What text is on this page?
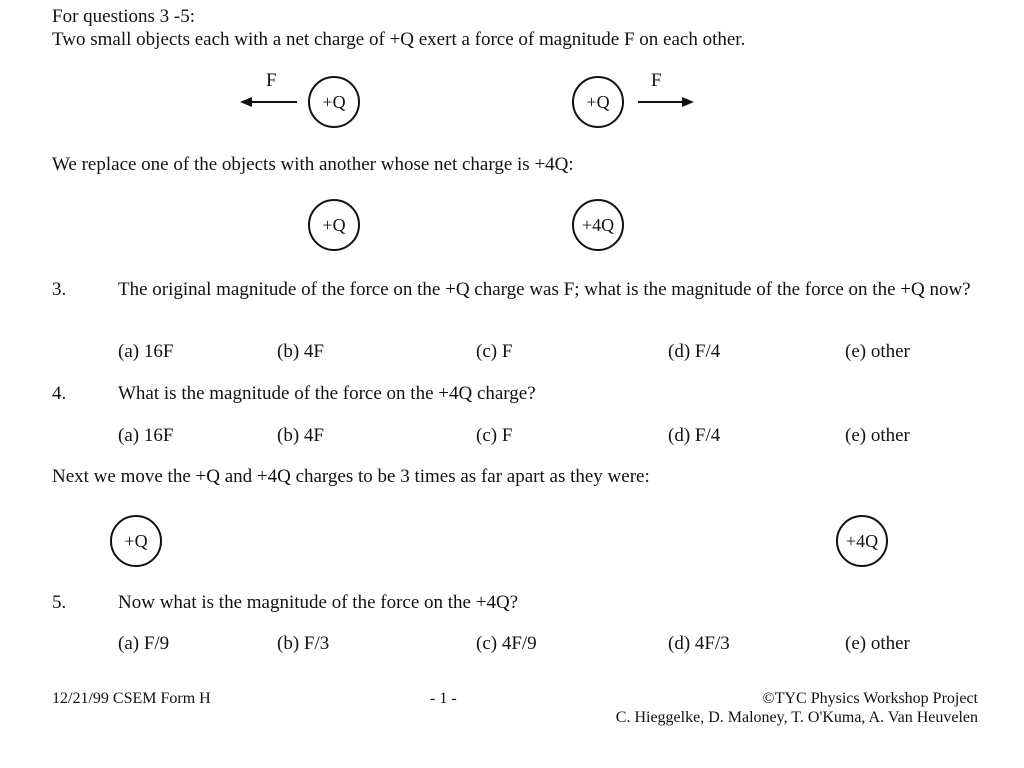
For questions 3 -5:
Two small objects each with a net charge of +Q exert a force of magnitude F on each other.
F
+Q	+Q
F
We replace one of the objects with another whose net charge is +4Q:
+Q	+4Q
3.	The original magnitude of the force on the +Q charge was F; what is the magnitude of the force on the +Q now?
(a) 16F	(b) 4F	(c) F	(d) F/4	(e) other
4.	What is the magnitude of the force on the +4Q charge?
(a) 16F	(b) 4F	(c) F	(d) F/4	(e) other
Next we move the +Q and +4Q charges to be 3 times as far apart as they were:
+Q	+4Q
5.	Now what is the magnitude of the force on the +4Q?
(a) F/9	(b) F/3	(c) 4F/9	(d) 4F/3	(e) other
12/21/99 CSEM Form H	- 1 -	©TYC Physics Workshop Project
C. Hieggelke, D. Maloney, T. O'Kuma, A. Van Heuvelen
